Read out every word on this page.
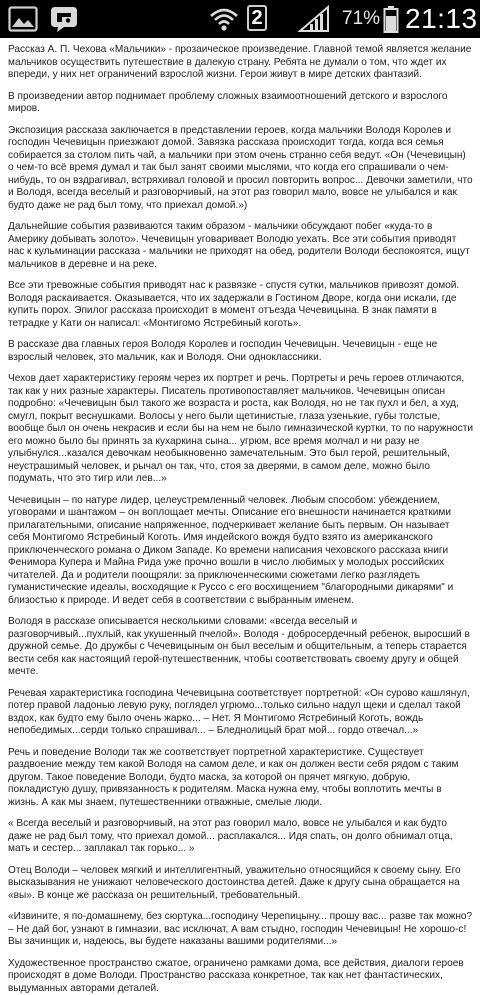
2	71% 21:13

Рассказ А. П. Чехова «Мальчики» - прозаическое произведение. Главной темой является желание мальчиков осуществить путешествие в далекую страну. Ребята не думали о том, что ждет их впереди, у них нет ограничений взрослой жизни. Герои живут в мире детских фантазий.

В произведении автор поднимает проблему сложных взаимоотношений детского и взрослого миров.

Экспозиция рассказа заключается в представлении героев, когда мальчики Володя Королев и господин Чечевицын приезжают домой. Завязка рассказа происходит тогда, когда вся семья собирается за столом пить чай, а мальчики при этом очень странно себя ведут. «Он (Чечевицын) о чем-то всё время думал и так был занят своими мыслями, что когда его спрашивали о чем-нибудь, то он вздрагивал, встряхивал головой и просил повторить вопрос... Девочки заметили, что и Володя, всегда веселый и разговорчивый, на этот раз говорил мало, вовсе не улыбался и как будто даже не рад был тому, что приехал домой.»)

Дальнейшие события развиваются таким образом - мальчики обсуждают побег «куда-то в Америку добывать золото». Чечевицын уговаривает Володю уехать. Все эти события приводят нас к кульминации рассказа - мальчики не приходят на обед, родители Володи беспокоятся, ищут мальчиков в деревне и на реке.

Все эти тревожные события приводят нас к развязке - спустя сутки, мальчиков привозят домой. Володя раскаивается. Оказывается, что их задержали в Гостином Дворе, когда они искали, где купить порох. Эпилог рассказа происходит в момент отъезда Чечевицына. В знак памяти в тетрадке у Кати он написал: «Монтигомо Ястребиный коготь».

В рассказе два главных героя Володя Королев и господин Чечевицын. Чечевицын - еще не взрослый человек, это мальчик, как и Володя. Они одноклассники.

Чехов дает характеристику героям через их портрет и речь. Портреты и речь героев отличаются, так как у них разные характеры. Писатель противопоставляет мальчиков. Чечевицын описан подробно: «Чечевицын был такого же возраста и роста, как Володя, но не так пухл и бел, а худ, смугл, покрыт веснушками. Волосы у него были щетинистые, глаза узенькие, губы толстые, вообще был он очень некрасив и если бы на нем не было гимназической куртки, то по наружности его можно было бы принять за кухаркина сына... угрюм, все время молчал и ни разу не улыбнулся...казался девочкам необыкновенно замечательным. Это был герой, решительный, неустрашимый человек, и рычал он так, что, стоя за дверями, в самом деле, можно было подумать, что это тигр или лев...»

Чечевицын – по натуре лидер, целеустремленный человек. Любым способом: убеждением, уговорами и шантажом – он воплощает мечты. Описание его внешности начинается краткими прилагательными, описание напряженное, подчеркивает желание быть первым. Он называет себя Монтигомо Ястребиный Коготь. Имя индейского вождя будто взято из американского приключенческого романа о Диком Западе. Ко времени написания чеховского рассказа книги Фенимора Купера и Майна Рида уже прочно вошли в число любимых у молодых российских читателей. Да и родители поощряли: за приключенческими сюжетами легко разглядеть гуманистические идеалы, восходящие к Руссо с его восхищением "благородными дикарями" и близостью к природе. И ведет себя в соответствии с выбранным именем.

Володя в рассказе описывается несколькими словами: «всегда веселый и разговорчивый...пухлый, как укушенный пчелой». Володя - добросердечный ребенок, выросший в дружной семье. До дружбы с Чечевицыным он был веселым и общительным, а теперь старается вести себя как настоящий герой-путешественник, чтобы соответствовать своему другу и общей мечте.

Речевая характеристика господина Чечевицына соответствует портретной: «Он сурово кашлянул, потер правой ладонью левую руку, поглядел угрюмо...только сильно надул щеки и сделал такой вздох, как будто ему было очень жарко... – Нет. Я Монтигомо Ястребиный Коготь, вождь непобедимых...серди только спрашивал... – Бледнолицый брат мой... гордо отвечал...»

Речь и поведение Володи так же соответствует портретной характеристике. Существует раздвоение между тем какой Володя на самом деле, и как он должен вести себя рядом с таким другом. Такое поведение Володи, будто маска, за которой он прячет мягкую, добрую, покладистую душу, привязанность к родителям. Маска нужна ему, чтобы воплотить мечты в жизнь. А как мы знаем, путешественники отважные, смелые люди.

« Всегда веселый и разговорчивый, на этот раз говорил мало, вовсе не улыбался и как будто даже не рад был тому, что приехал домой... расплакался... Идя спать, он долго обнимал отца, мать и сестер... заплакал так горько... »

Отец Володи – человек мягкий и интеллигентный, уважительно относящийся к своему сыну. Его высказывания не унижают человеческого достоинства детей. Даже к другу сына обращается на «вы». В конце же рассказа он решительный, требовательный.

«Извините, я по-домашнему, без сюртука...господину Черепицыну... прошу вас... разве так можно? – Не дай бог, узнают в гимназии, вас исключат, А вам стыдно, господин Чечевицын! Не хорошо-с! Вы зачинщик и, надеюсь, вы будете наказаны вашими родителями...»

Художественное пространство сжатое, ограничено рамками дома, все действия, диалоги героев происходят в доме Володи. Пространство рассказа конкретное, так как нет фантастических, выдуманных авторами деталей.
